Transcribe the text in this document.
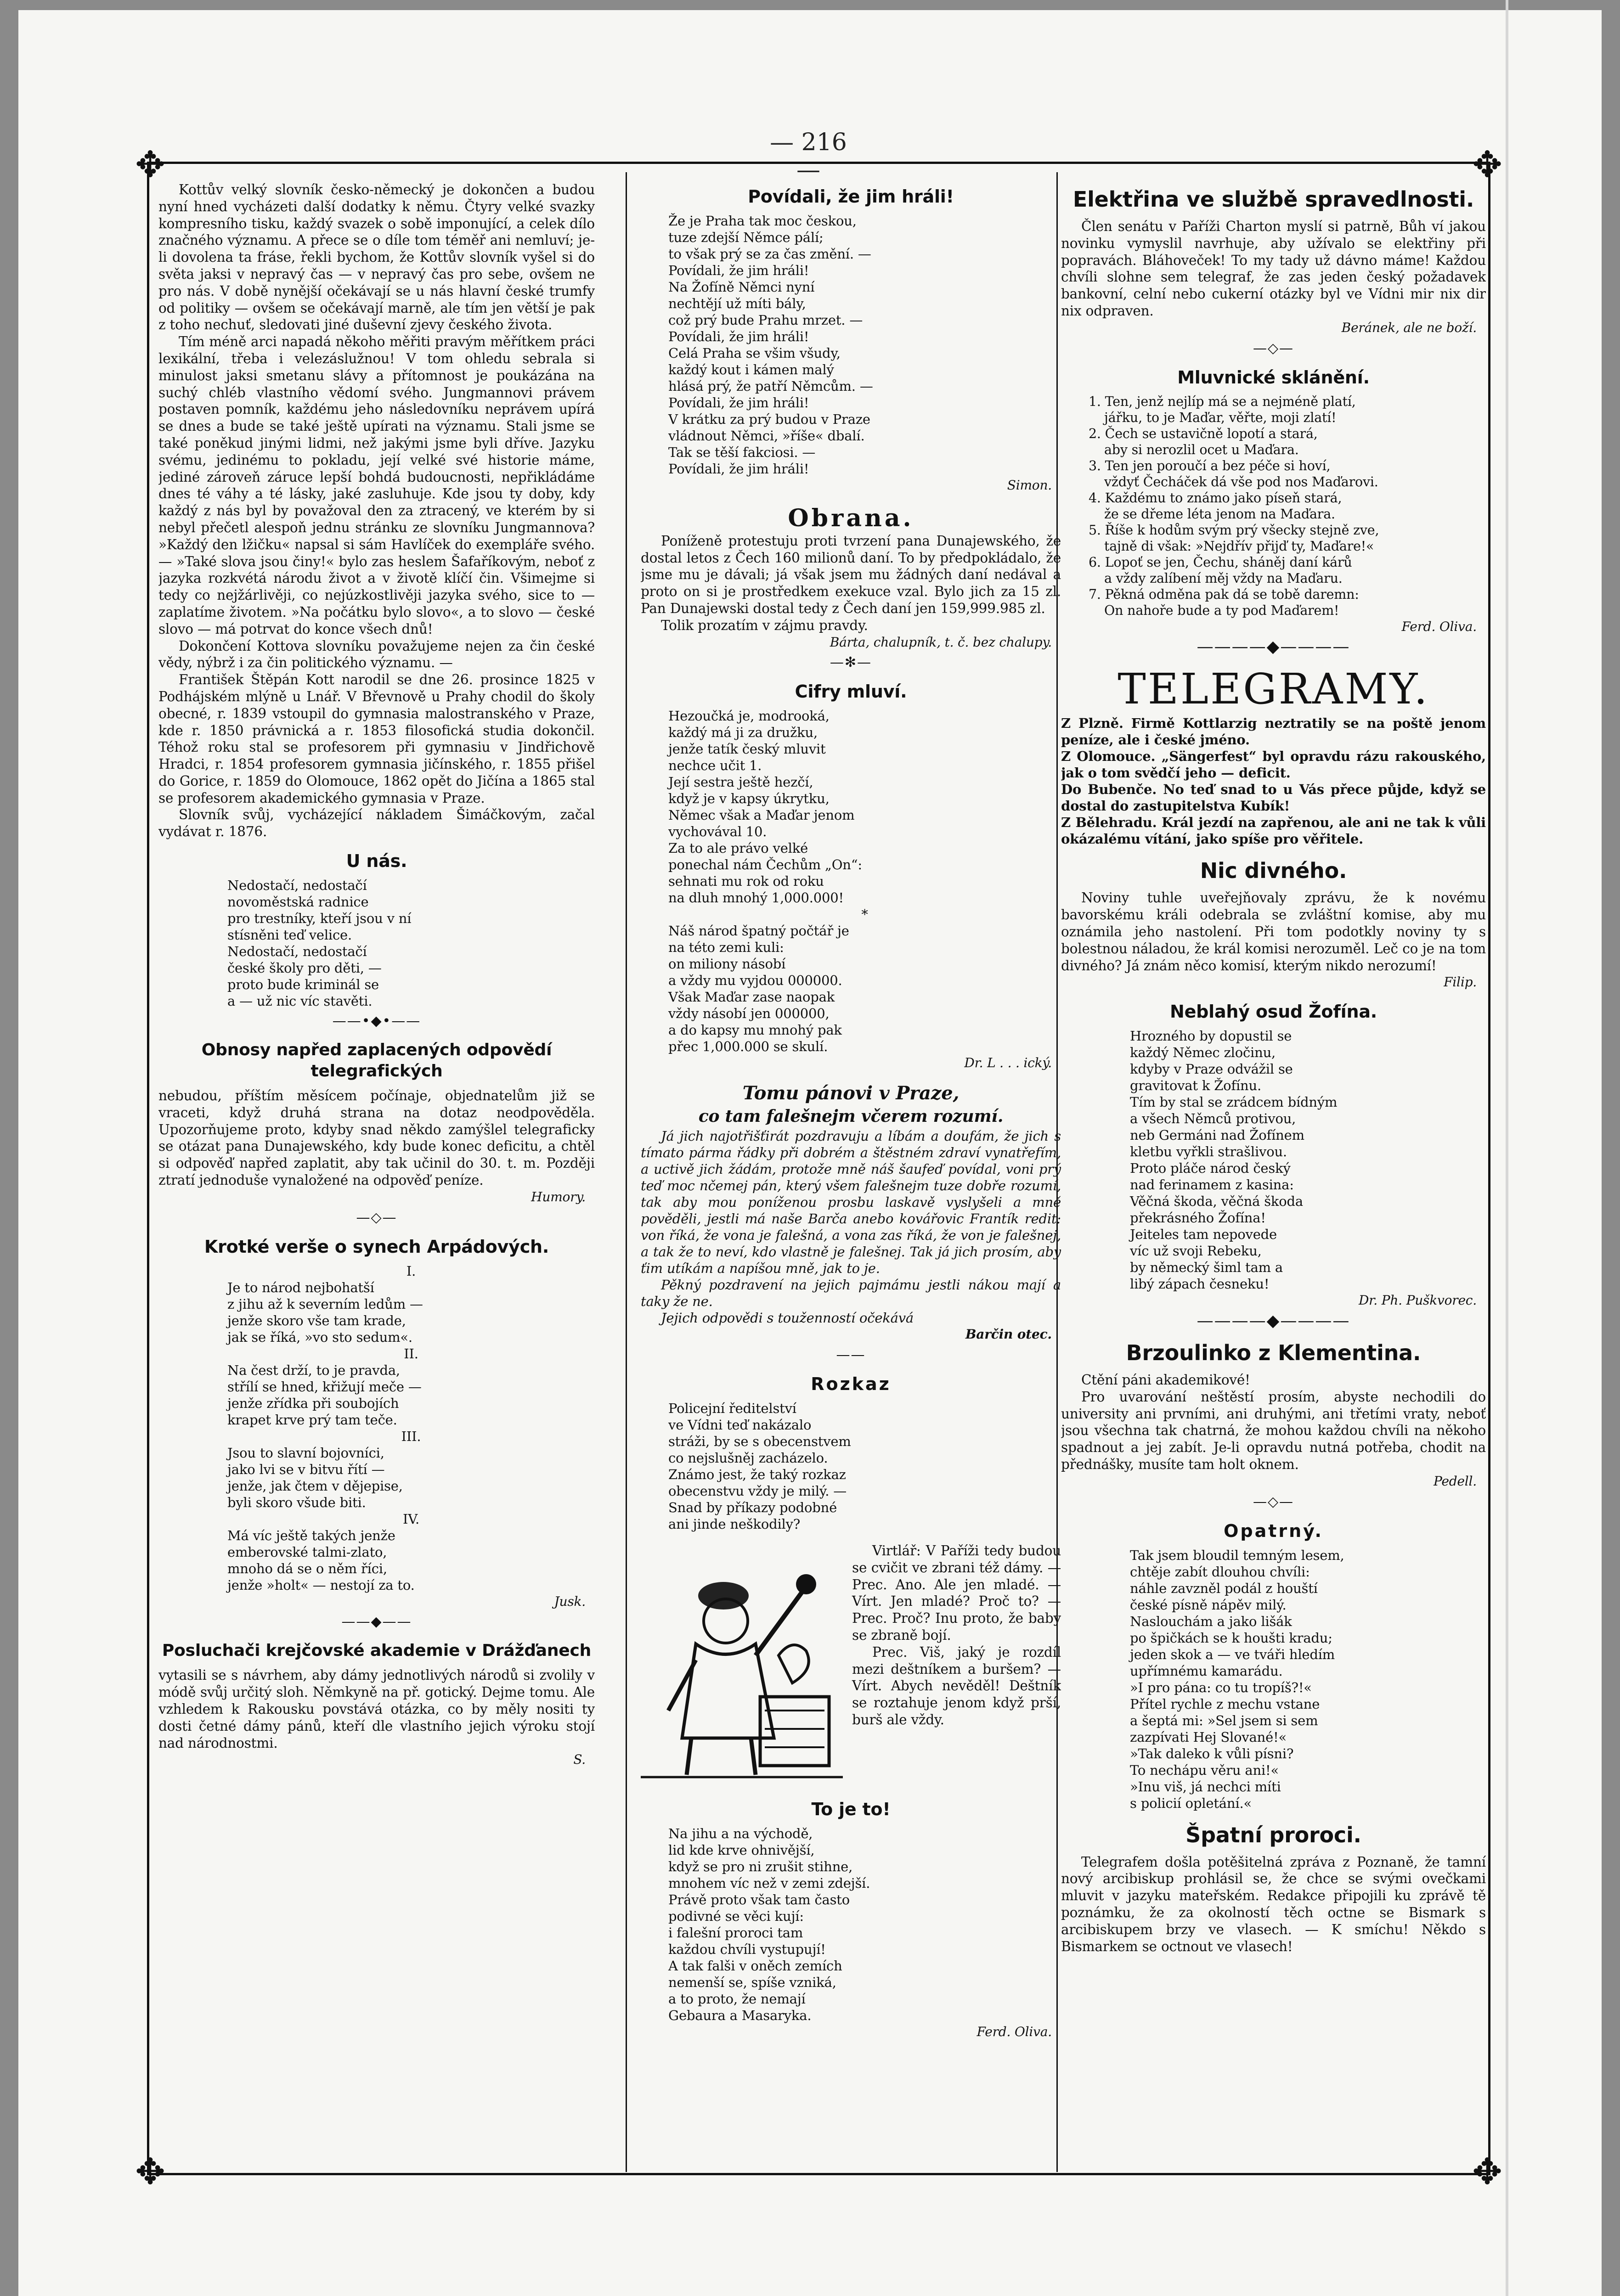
— 216 —
✥	✥
✥	✥
Kottův velký slovník česko-německý je dokončen a budou nyní hned vycházeti další dodatky k němu. Čtyry velké svazky kompresního tisku, každý svazek o sobě imponující, a celek dílo značného významu. A přece se o díle tom téměř ani nemluví; je-li dovolena ta fráse, řekli bychom, že Kottův slovník vyšel si do světa jaksi v nepravý čas — v nepravý čas pro sebe, ovšem ne pro nás. V době nynější očekávají se u nás hlavní české trumfy od politiky — ovšem se očekávají marně, ale tím jen větší je pak z toho nechuť, sledovati jiné duševní zjevy českého života.
Tím méně arci napadá někoho měřiti pravým měřítkem práci lexikální, třeba i velezáslužnou! V tom ohledu sebrala si minulost jaksi smetanu slávy a přítomnost je poukázána na suchý chléb vlastního vědomí svého. Jungmannovi právem postaven pomník, každému jeho následovníku neprávem upírá se dnes a bude se také ještě upírati na významu. Stali jsme se také poněkud jinými lidmi, než jakými jsme byli dříve. Jazyku svému, jedinému to pokladu, její velké své historie máme, jediné zároveň záruce lepší bohdá budoucnosti, nepřikládáme dnes té váhy a té lásky, jaké zasluhuje. Kde jsou ty doby, kdy každý z nás byl by považoval den za ztracený, ve kterém by si nebyl přečetl alespoň jednu stránku ze slovníku Jungmannova? »Každý den lžičku« napsal si sám Havlíček do exempláře svého. — »Také slova jsou činy!« bylo zas heslem Šafaříkovým, neboť z jazyka rozkvétá národu život a v životě klíčí čin. Všimejme si tedy co nejžárlivěji, co nejúzkostlivěji jazyka svého, sice to — zaplatíme životem. »Na počátku bylo slovo«, a to slovo — české slovo — má potrvat do konce všech dnů!
Dokončení Kottova slovníku považujeme nejen za čin české vědy, nýbrž i za čin politického významu. —
František Štěpán Kott narodil se dne 26. prosince 1825 v Podhájském mlýně u Lnář. V Břevnově u Prahy chodil do školy obecné, r. 1839 vstoupil do gymnasia malostranského v Praze, kde r. 1850 právnická a r. 1853 filosofická studia dokončil. Téhož roku stal se profesorem při gymnasiu v Jindřichově Hradci, r. 1854 profesorem gymnasia jičínského, r. 1855 přišel do Gorice, r. 1859 do Olomouce, 1862 opět do Jičína a 1865 stal se profesorem akademického gymnasia v Praze.
Slovník svůj, vycházející nákladem Šimáčkovým, začal vydávat r. 1876.
U nás.
Nedostačí, nedostačí
novoměstská radnice
pro trestníky, kteří jsou v ní
stísněni teď velice.
Nedostačí, nedostačí
české školy pro děti, —
proto bude kriminál se
a — už nic víc stavěti.
——•◆•——
Obnosy napřed zaplacených odpovědí telegrafických
nebudou, příštím měsícem počínaje, objednatelům již se vraceti, když druhá strana na dotaz neodpověděla. Upozorňujeme proto, kdyby snad někdo zamýšlel telegraficky se otázat pana Dunajewského, kdy bude konec deficitu, a chtěl si odpověď napřed zaplatit, aby tak učinil do 30. t. m. Později ztratí jednoduše vynaložené na odpověď peníze.
Humory.
—◇—
Krotké verše o synech Arpádových.
I.
Je to národ nejbohatší
z jihu až k severním ledům —
jenže skoro vše tam krade,
jak se říká, »vo sto sedum«.
II.
Na čest drží, to je pravda,
střílí se hned, křižují meče —
jenže zřídka při soubojích
krapet krve prý tam teče.
III.
Jsou to slavní bojovníci,
jako lvi se v bitvu řítí —
jenže, jak čtem v dějepise,
byli skoro všude biti.
IV.
Má víc ještě takých jenže
emberovské talmi-zlato,
mnoho dá se o něm říci,
jenže »holt« — nestojí za to.
Jusk.
——◆——
Posluchači krejčovské akademie v Drážďanech
vytasili se s návrhem, aby dámy jednotlivých národů si zvolily v módě svůj určitý sloh. Němkyně na př. gotický. Dejme tomu. Ale vzhledem k Rakousku povstává otázka, co by měly nositi ty dosti četné dámy pánů, kteří dle vlastního jejich výroku stojí nad národnostmi.
S.
Povídali, že jim hráli!
Že je Praha tak moc českou,
tuze zdejší Němce pálí;
to však prý se za čas změní. —
Povídali, že jim hráli!
Na Žofíně Němci nyní
nechtějí už míti bály,
což prý bude Prahu mrzet. —
Povídali, že jim hráli!
Celá Praha se všim všudy,
každý kout i kámen malý
hlásá prý, že patří Němcům. —
Povídali, že jim hráli!
V krátku za prý budou v Praze
vládnout Němci, »říše« dbalí.
Tak se těší fakciosi. —
Povídali, že jim hráli!
Simon.
Obrana.
Poníženě protestuju proti tvrzení pana Dunajewského, že dostal letos z Čech 160 milionů daní. To by předpokládalo, že jsme mu je dávali; já však jsem mu žádných daní nedával a proto on si je prostředkem exekuce vzal. Bylo jich za 15 zl. Pan Dunajewski dostal tedy z Čech daní jen 159,999.985 zl.
Tolik prozatím v zájmu pravdy.
Bárta, chalupník, t. č. bez chalupy.
—✻—
Cifry mluví.
Hezoučká je, modrooká,
každý má ji za družku,
jenže tatík český mluvit
nechce učit 1.
Její sestra ještě hezčí,
když je v kapsy úkrytku,
Němec však a Maďar jenom
vychovával 10.
Za to ale právo velké
ponechal nám Čechům „On“:
sehnati mu rok od roku
na dluh mnohý 1,000.000!
*
Náš národ špatný počtář je
na této zemi kuli:
on miliony násobí
a vždy mu vyjdou 000000.
Však Maďar zase naopak
vždy násobí jen 000000,
a do kapsy mu mnohý pak
přec 1,000.000 se skulí.
Dr. L . . . ický.
Tomu pánovi v Praze,
co tam falešnejm včerem rozumí.
Já jich najotřišťirát pozdravuju a líbám a doufám, že jich s tímato párma řádky při dobrém a štěstném zdraví vynatřefím, a uctivě jich žádám, protože mně náš šaufeď povídal, voni prý teď moc nčemej pán, který všem falešnejm tuze dobře rozumí, tak aby mou poníženou prosbu laskavě vyslyšeli a mně pověděli, jestli má naše Barča anebo kovářovic Frantík redit: von říká, že vona je falešná, a vona zas říká, že von je falešnej, a tak že to neví, kdo vlastně je falešnej. Tak já jich prosím, aby ťim utíkám a napíšou mně, jak to je.
Pěkný pozdravení na jejich pajmámu jestli nákou mají a taky že ne.
Jejich odpovědi s touženností očekává
Barčin otec.
——
Rozkaz
Policejní ředitelství
ve Vídni teď nakázalo
stráži, by se s obecenstvem
co nejslušněj zacházelo.
Známo jest, že taký rozkaz
obecenstvu vždy je milý. —
Snad by příkazy podobné
ani jinde neškodily?
Virtlář: V Paříži tedy budou se cvičit ve zbrani též dámy. — Prec. Ano. Ale jen mladé. — Vírt. Jen mladé? Proč to? — Prec. Proč? Inu proto, že baby se zbraně bojí.
Prec. Viš, jaký je rozdíl mezi deštníkem a buršem? — Vírt. Abych nevěděl! Deštník se roztahuje jenom když prší, burš ale vždy.
To je to!
Na jihu a na východě,
lid kde krve ohnivější,
když se pro ni zrušit stihne,
mnohem víc než v zemi zdejší.
Právě proto však tam často
podivné se věci kují:
i falešní proroci tam
každou chvíli vystupují!
A tak falši v oněch zemích
nemenší se, spíše vzniká,
a to proto, že nemají
Gebaura a Masaryka.
Ferd. Oliva.
Elektřina ve službě spravedlnosti.
Člen senátu v Paříži Charton myslí si patrně, Bůh ví jakou novinku vymyslil navrhuje, aby užívalo se elektřiny při popravách. Bláhoveček! To my tady už dávno máme! Každou chvíli slohne sem telegraf, že zas jeden český požadavek bankovní, celní nebo cukerní otázky byl ve Vídni mir nix dir nix odpraven.
Beránek, ale ne boží.
—◇—
Mluvnické sklánění.
1. Ten, jenž nejlíp má se a nejméně platí,
jářku, to je Maďar, věřte, moji zlatí!
2. Čech se ustavičně lopotí a stará,
aby si nerozlil ocet u Maďara.
3. Ten jen poroučí a bez péče si hoví,
vždyť Čecháček dá vše pod nos Maďarovi.
4. Každému to známo jako píseň stará,
že se dřeme léta jenom na Maďara.
5. Říše k hodům svým prý všecky stejně zve,
tajně di však: »Nejdřív přijď ty, Maďare!«
6. Lopoť se jen, Čechu, sháněj daní kárů
a vždy zalíbení měj vždy na Maďaru.
7. Pěkná odměna pak dá se tobě daremn:
On nahoře bude a ty pod Maďarem!
Ferd. Oliva.
————◆————
TELEGRAMY.
Z Plzně. Firmě Kottlarzig neztratily se na poště jenom peníze, ale i české jméno.
Z Olomouce. „Sängerfest“ byl opravdu rázu rakouského, jak o tom svědčí jeho — deficit.
Do Bubenče. No teď snad to u Vás přece půjde, když se dostal do zastupitelstva Kubík!
Z Bělehradu. Král jezdí na zapřenou, ale ani ne tak k vůli okázalému vítání, jako spíše pro věřitele.
Nic divného.
Noviny tuhle uveřejňovaly zprávu, že k novému bavorskému králi odebrala se zvláštní komise, aby mu oznámila jeho nastolení. Při tom podotkly noviny ty s bolestnou náladou, že král komisi nerozuměl. Leč co je na tom divného? Já znám něco komisí, kterým nikdo nerozumí!
Filip.
Neblahý osud Žofína.
Hrozného by dopustil se
každý Němec zločinu,
kdyby v Praze odvážil se
gravitovat k Žofínu.
Tím by stal se zrádcem bídným
a všech Němců protivou,
neb Germáni nad Žofínem
kletbu vyřkli strašlivou.
Proto pláče národ český
nad ferinamem z kasina:
Věčná škoda, věčná škoda
překrásného Žofína!
Jeiteles tam nepovede
víc už svoji Rebeku,
by německý šiml tam a
libý zápach česneku!
Dr. Ph. Puškvorec.
————◆————
Brzoulinko z Klementina.
Ctění páni akademikové!
Pro uvarování neštěstí prosím, abyste nechodili do university ani prvními, ani druhými, ani třetími vraty, neboť jsou všechna tak chatrná, že mohou každou chvíli na někoho spadnout a jej zabít. Je-li opravdu nutná potřeba, chodit na přednášky, musíte tam holt oknem.
Pedell.
—◇—
Opatrný.
Tak jsem bloudil temným lesem,
chtěje zabít dlouhou chvíli:
náhle zavzněl podál z houští
české písně nápěv milý.
Naslouchám a jako lišák
po špičkách se k houšti kradu;
jeden skok a — ve tváři hledím
upřímnému kamarádu.
»I pro pána: co tu tropíš?!«
Přítel rychle z mechu vstane
a šeptá mi: »Sel jsem si sem
zazpívati Hej Slované!«
»Tak daleko k vůli písni?
To nechápu věru ani!«
»Inu viš, já nechci míti
s policií opletání.«
Špatní proroci.
Telegrafem došla potěšitelná zpráva z Poznaně, že tamní nový arcibiskup prohlásil se, že chce se svými ovečkami mluvit v jazyku mateřském. Redakce připojili ku zprávě tě poznámku, že za okolností těch octne se Bismark s arcibiskupem brzy ve vlasech. — K smíchu! Někdo s Bismarkem se octnout ve vlasech!
